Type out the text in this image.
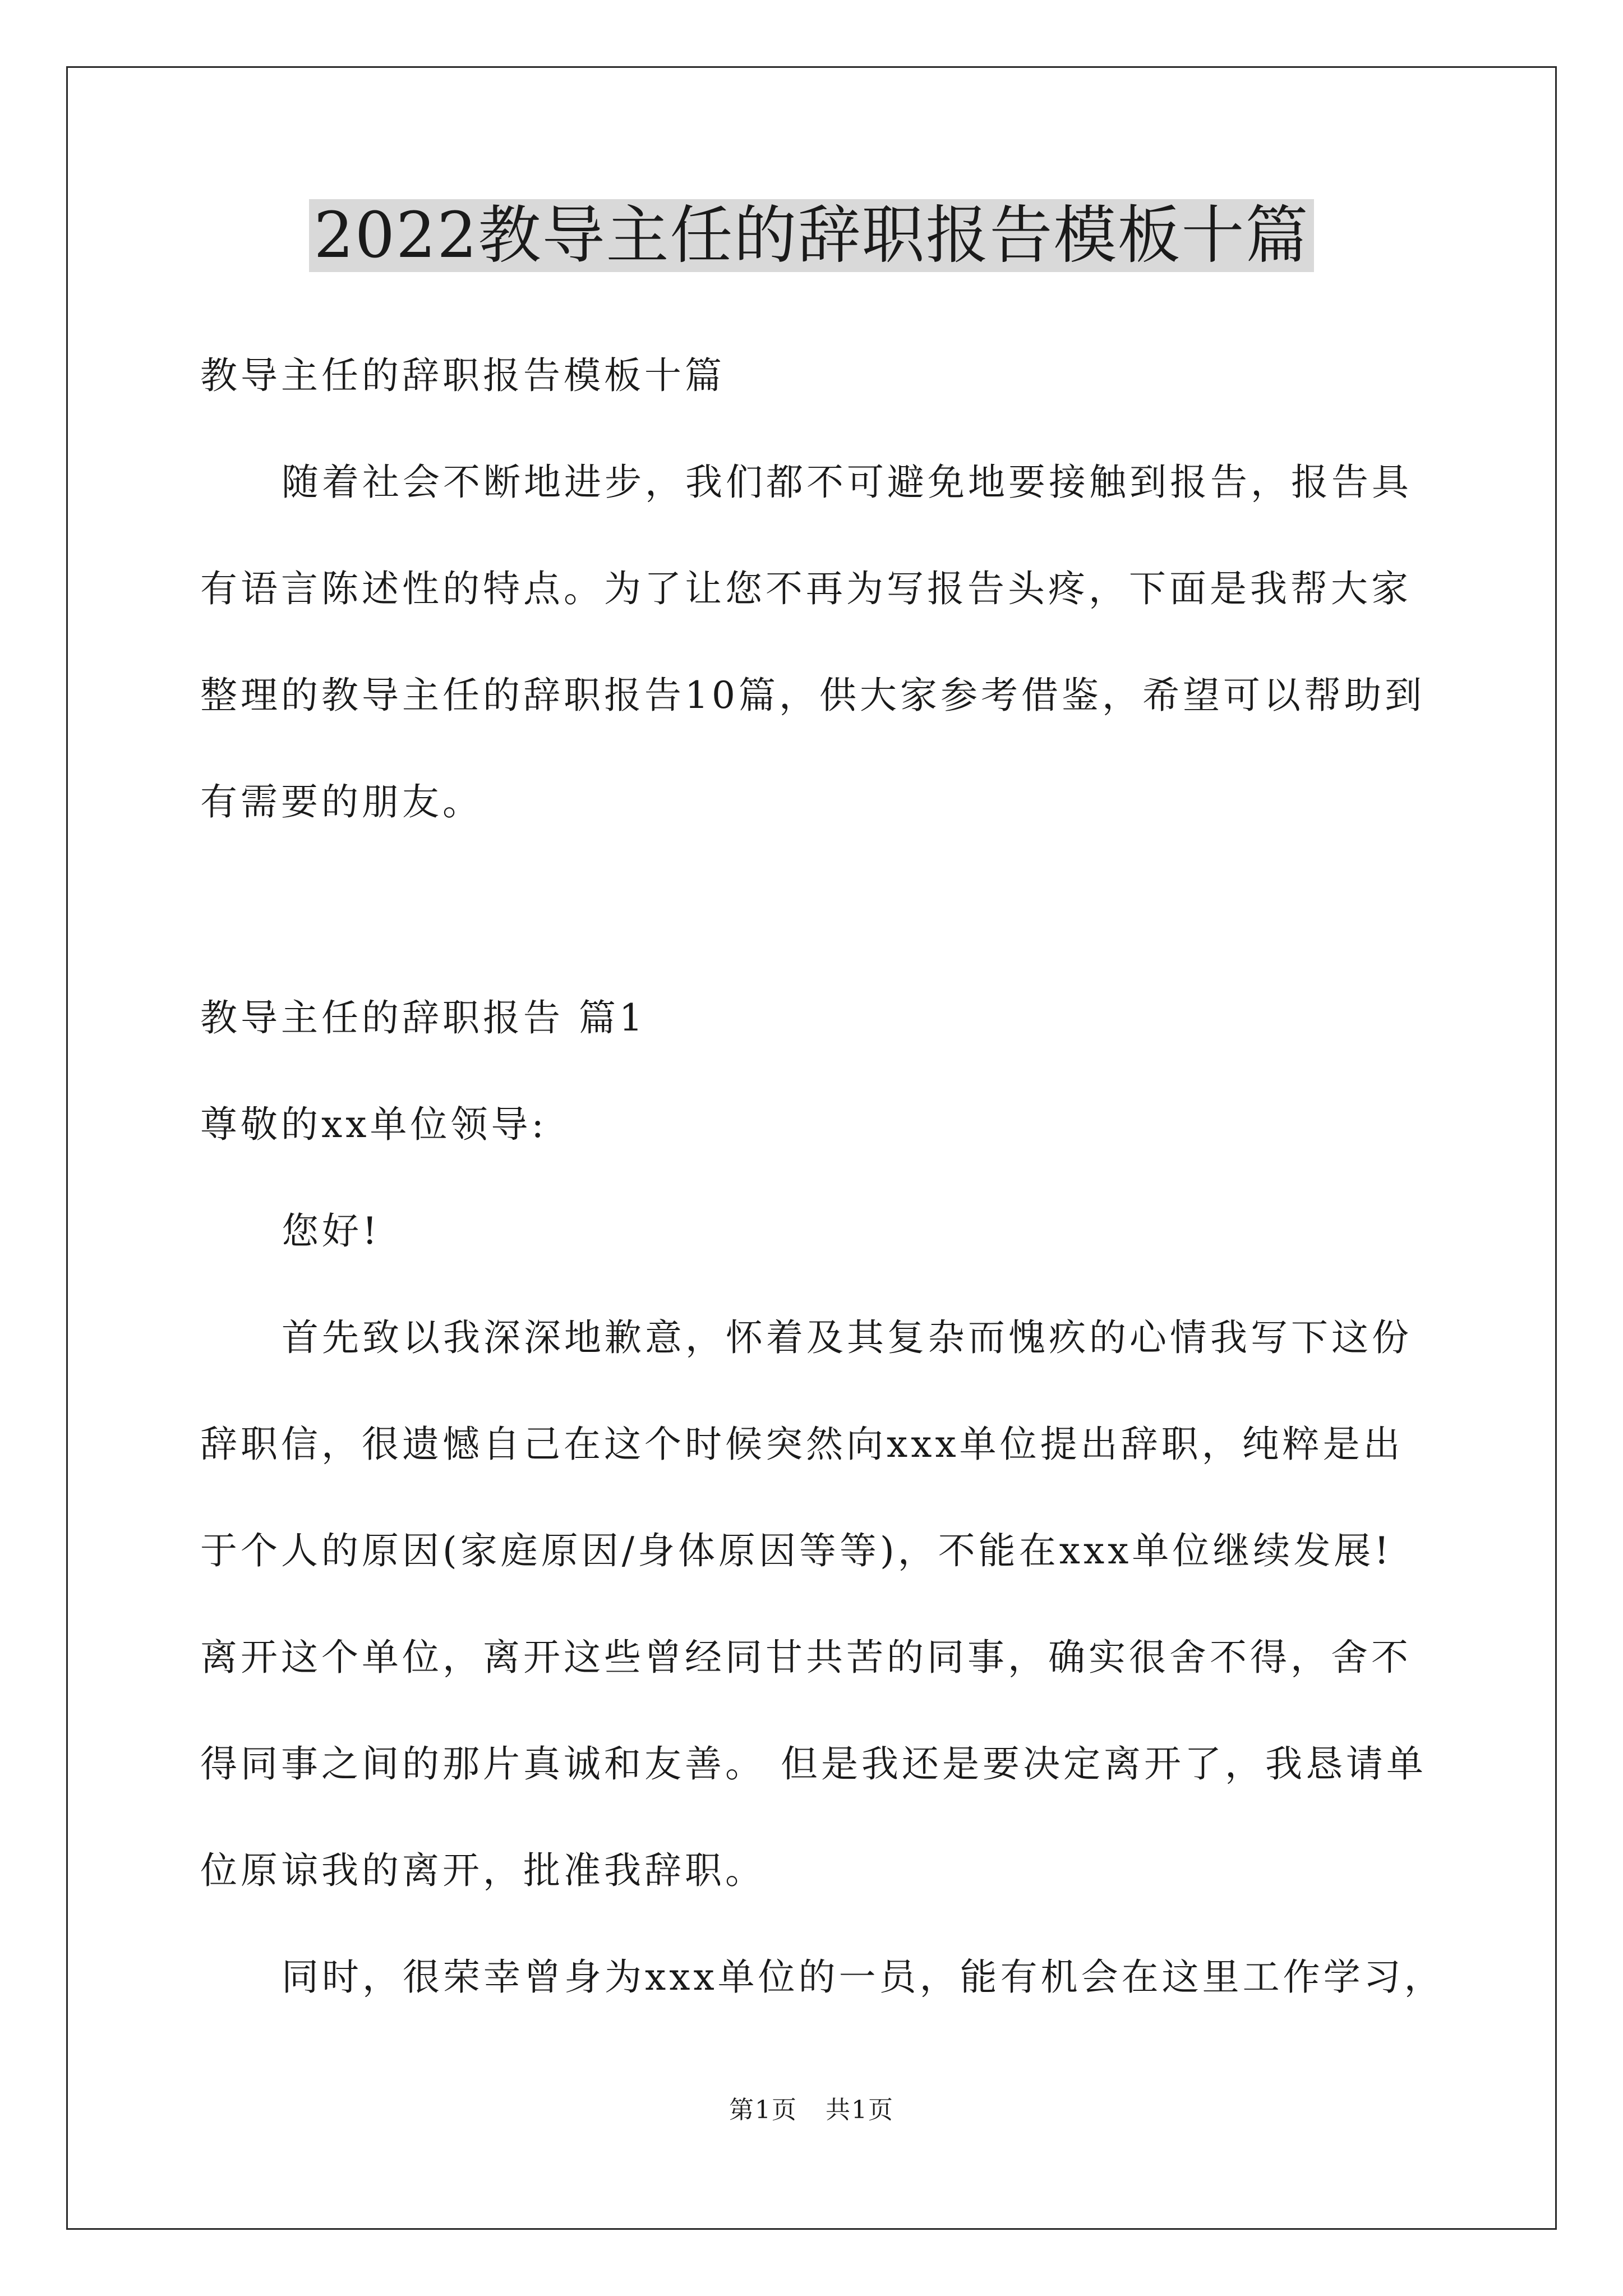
2022教导主任的辞职报告模板十篇
教导主任的辞职报告模板十篇
随着社会不断地进步，我们都不可避免地要接触到报告，报告具
有语言陈述性的特点。为了让您不再为写报告头疼，下面是我帮大家
整理的教导主任的辞职报告10篇，供大家参考借鉴，希望可以帮助到
有需要的朋友。
教导主任的辞职报告 篇1
尊敬的xx单位领导:
您好!
首先致以我深深地歉意，怀着及其复杂而愧疚的心情我写下这份
辞职信，很遗憾自己在这个时候突然向xxx单位提出辞职，纯粹是出
于个人的原因(家庭原因/身体原因等等)，不能在xxx单位继续发展!
离开这个单位，离开这些曾经同甘共苦的同事，确实很舍不得，舍不
得同事之间的那片真诚和友善。 但是我还是要决定离开了，我恳请单
位原谅我的离开，批准我辞职。
同时，很荣幸曾身为xxx单位的一员，能有机会在这里工作学习，
第1页 共1页
